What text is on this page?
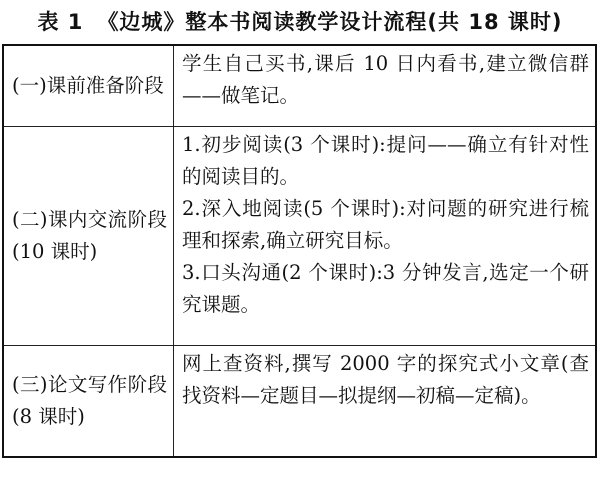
表 1 《边城》整本书阅读教学设计流程(共 18 课时)
(一)课前准备阶段	学生自己买书,课后 10 日内看书,建立微信群——做笔记。
(二)课内交流阶段(10 课时)	1.初步阅读(3 个课时):提问——确立有针对性的阅读目的。
2.深入地阅读(5 个课时):对问题的研究进行梳理和探索,确立研究目标。
3.口头沟通(2 个课时):3 分钟发言,选定一个研究课题。

(三)论文写作阶段(8 课时)	网上查资料,撰写 2000 字的探究式小文章(查找资料—定题目—拟提纲—初稿—定稿)。
